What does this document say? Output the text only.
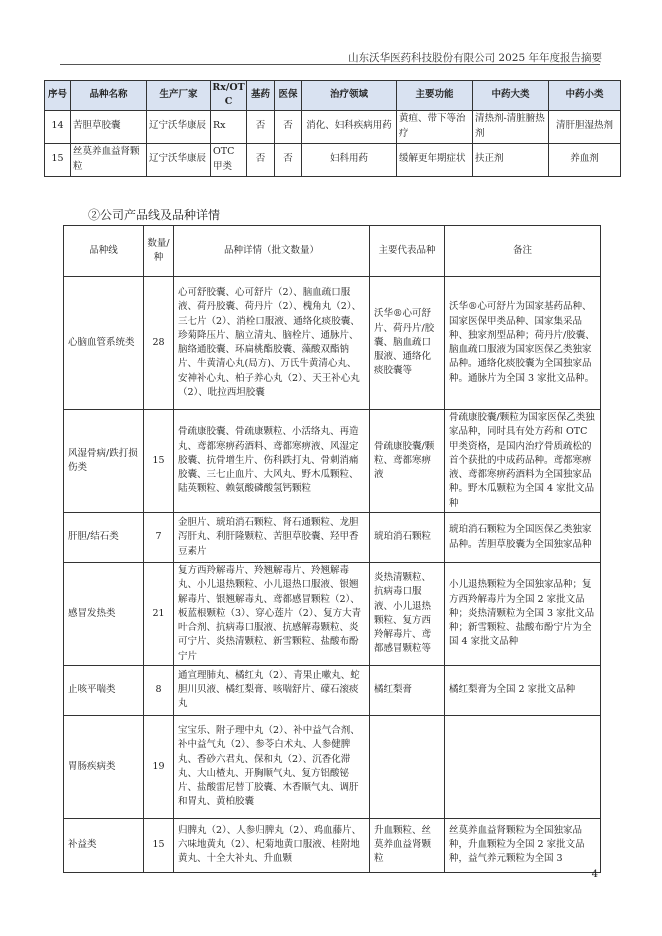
山东沃华医药科技股份有限公司 2025 年年度报告摘要
序号	品种名称	生产厂家	Rx/OTC	基药	医保	治疗领域	主要功能	中药大类	中药小类
14	苦胆草胶囊	辽宁沃华康辰	Rx	否	否	消化、妇科疾病用药	黄疸、带下等治疗	清热剂-清脏腑热剂	清肝胆湿热剂
15	丝莫养血益肾颗粒	辽宁沃华康辰	OTC 甲类	否	否	妇科用药	缓解更年期症状	扶正剂	养血剂
②公司产品线及品种详情
品种线	数量/种	品种详情（批文数量）	主要代表品种	备注
心脑血管系统类	28	心可舒胶囊、心可舒片（2）、脑血疏口服液、荷丹胶囊、荷丹片（2）、槐角丸（2）、三七片（2）、消栓口服液、通络化痰胶囊、珍菊降压片、脑立清丸、脑栓片、通脉片、脑络通胶囊、环扁桃酯胶囊、藻酸双酯钠片、牛黄清心丸(局方)、万氏牛黄清心丸、安神补心丸、柏子养心丸（2）、天王补心丸（2）、吡拉西坦胶囊	沃华®心可舒片、荷丹片/胶囊、脑血疏口服液、通络化痰胶囊等	沃华®心可舒片为国家基药品种、国家医保甲类品种、国家集采品种、独家剂型品种；荷丹片/胶囊、脑血疏口服液为国家医保乙类独家品种。通络化痰胶囊为全国独家品种。通脉片为全国 3 家批文品种。
风湿骨病/跌打损伤类	15	骨疏康胶囊、骨疏康颗粒、小活络丸、再造丸、鸢都寒痹药酒料、鸢都寒痹液、风湿定胶囊、抗骨增生片、伤科跌打丸、骨刺消痛胶囊、三七止血片、大风丸、野木瓜颗粒、陆英颗粒、赖氨酸磷酸氢钙颗粒	骨疏康胶囊/颗粒、鸢都寒痹液	骨疏康胶囊/颗粒为国家医保乙类独家品种，同时具有处方药和 OTC 甲类资格，是国内治疗骨质疏松的首个获批的中成药品种。鸢都寒痹液、鸢都寒痹药酒料为全国独家品种。野木瓜颗粒为全国 4 家批文品种
肝胆/结石类	7	金胆片、琥珀消石颗粒、肾石通颗粒、龙胆泻肝丸、利肝隆颗粒、苦胆草胶囊、羟甲香豆素片	琥珀消石颗粒	琥珀消石颗粒为全国医保乙类独家品种。苦胆草胶囊为全国独家品种
感冒发热类	21	复方西羚解毒片、羚翘解毒片、羚翘解毒丸、小儿退热颗粒、小儿退热口服液、银翘解毒片、银翘解毒丸、鸢都感冒颗粒（2）、板蓝根颗粒（3）、穿心莲片（2）、复方大青叶合剂、抗病毒口服液、抗感解毒颗粒、炎可宁片、炎热清颗粒、新雪颗粒、盐酸布酚宁片	炎热清颗粒、抗病毒口服液、小儿退热颗粒、复方西羚解毒片、鸢都感冒颗粒等	小儿退热颗粒为全国独家品种；复方西羚解毒片为全国 2 家批文品种；炎热清颗粒为全国 3 家批文品种；新雪颗粒、盐酸布酚宁片为全国 4 家批文品种
止咳平喘类	8	通宣理肺丸、橘红丸（2）、青果止嗽丸、蛇胆川贝液、橘红梨膏、咳喘舒片、礞石滚痰丸	橘红梨膏	橘红梨膏为全国 2 家批文品种
胃肠疾病类	19	宝宝乐、附子理中丸（2）、补中益气合剂、补中益气丸（2）、参苓白术丸、人参健脾丸、香砂六君丸、保和丸（2）、沉香化滞丸、大山楂丸、开胸顺气丸、复方铝酸铋片、盐酸雷尼替丁胶囊、木香顺气丸、调肝和胃丸、黄柏胶囊		
补益类	15	归脾丸（2）、人参归脾丸（2）、鸡血藤片、六味地黄丸（2）、杞菊地黄口服液、桂附地黄丸、十全大补丸、升血颗	升血颗粒、丝莫养血益肾颗粒	丝莫养血益肾颗粒为全国独家品种，升血颗粒为全国 2 家批文品种，益气养元颗粒为全国 3
4
